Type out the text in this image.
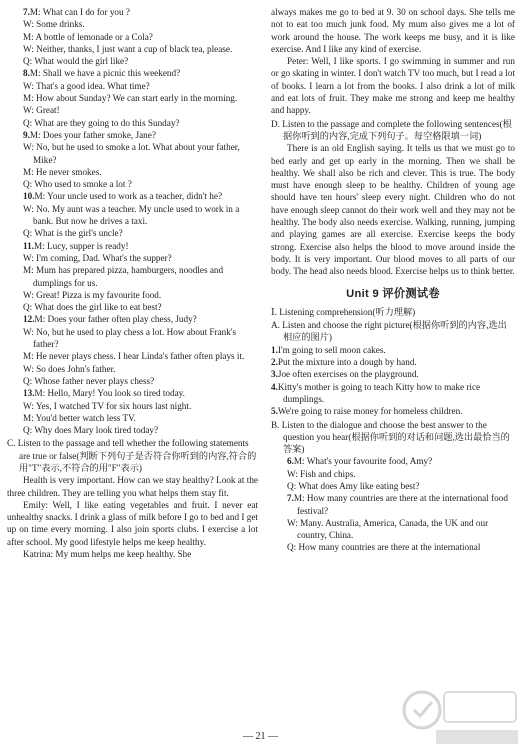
7.M: What can I do for you ?

W: Some drinks.

M: A bottle of lemonade or a Cola?

W: Neither, thanks, I just want a cup of black tea, please.

Q: What would the girl like?

8.M: Shall we have a picnic this weekend?

W: That's a good idea. What time?

M: How about Sunday? We can start early in the morning.

W: Great!

Q: What are they going to do this Sunday?

9.M: Does your father smoke, Jane?

W: No, but he used to smoke a lot. What about your father, Mike?

M: He never smokes.

Q: Who used to smoke a lot ?

10.M: Your uncle used to work as a teacher, didn't he?

W: No. My aunt was a teacher. My uncle used to work in a bank. But now he drives a taxi.

Q: What is the girl's uncle?

11.M: Lucy, supper is ready!

W: I'm coming, Dad. What's the supper?

M: Mum has prepared pizza, hamburgers, noodles and dumplings for us.

W: Great! Pizza is my favourite food.

Q: What does the girl like to eat best?

12.M: Does your father often play chess, Judy?

W: No, but he used to play chess a lot. How about Frank's father?

M: He never plays chess. I hear Linda's father often plays it.

W: So does John's father.

Q: Whose father never plays chess?

13.M: Hello, Mary! You look so tired today.

W: Yes, I watched TV for six hours last night.

M: You'd better watch less TV.

Q: Why does Mary look tired today?

C. Listen to the passage and tell whether the following statements are true or false(判断下列句子是否符合你听到的内容,符合的用"T"表示,不符合的用"F"表示)

Health is very important. How can we stay healthy? Look at the three children. They are telling you what helps them stay fit.

Emily: Well, I like eating vegetables and fruit. I never eat unhealthy snacks. I drink a glass of milk before I go to bed and I get up on time every morning. I also join sports clubs. I exercise a lot after school. My good lifestyle helps me keep healthy.

Katrina: My mum helps me keep healthy. She

always makes me go to bed at 9. 30 on school days. She tells me not to eat too much junk food. My mum also gives me a lot of work around the house. The work keeps me busy, and it is like exercise. And I like any kind of exercise.

Peter: Well, I like sports. I go swimming in summer and run or go skating in winter. I don't watch TV too much, but I read a lot of books. I learn a lot from the books. I also drink a lot of milk and eat lots of fruit. They make me strong and keep me healthy and happy.

D. Listen to the passage and complete the following sentences(根据你听到的内容,完成下列句子。每空格限填一词)

There is an old English saying. It tells us that we must go to bed early and get up early in the morning. Then we shall be healthy. We shall also be rich and clever. This is true. The body must have enough sleep to be healthy. Children of young age should have ten hours' sleep every night. Children who do not have enough sleep cannot do their work well and they may not be healthy. The body also needs exercise. Walking, running, jumping and playing games are all exercise. Exercise keeps the body strong. Exercise also helps the blood to move around inside the body. It is very important. Our blood moves to all parts of our body. The head also needs blood. Exercise helps us to think better.

Unit 9 评价测试卷

Ⅰ. Listening comprehension(听力理解)

A. Listen and choose the right picture(根据你听到的内容,选出相应的图片)

1.I'm going to sell moon cakes.

2.Put the mixture into a dough by hand.

3.Joe often exercises on the playground.

4.Kitty's mother is going to teach Kitty how to make rice dumplings.

5.We're going to raise money for homeless children.

B. Listen to the dialogue and choose the best answer to the question you hear(根据你听到的对话和问题,选出最恰当的答案)

6.M: What's your favourite food, Amy?

W: Fish and chips.

Q: What does Amy like eating best?

7.M: How many countries are there at the international food festival?

W: Many. Australia, America, Canada, the UK and our country, China.

Q: How many countries are there at the international

— 21 —
